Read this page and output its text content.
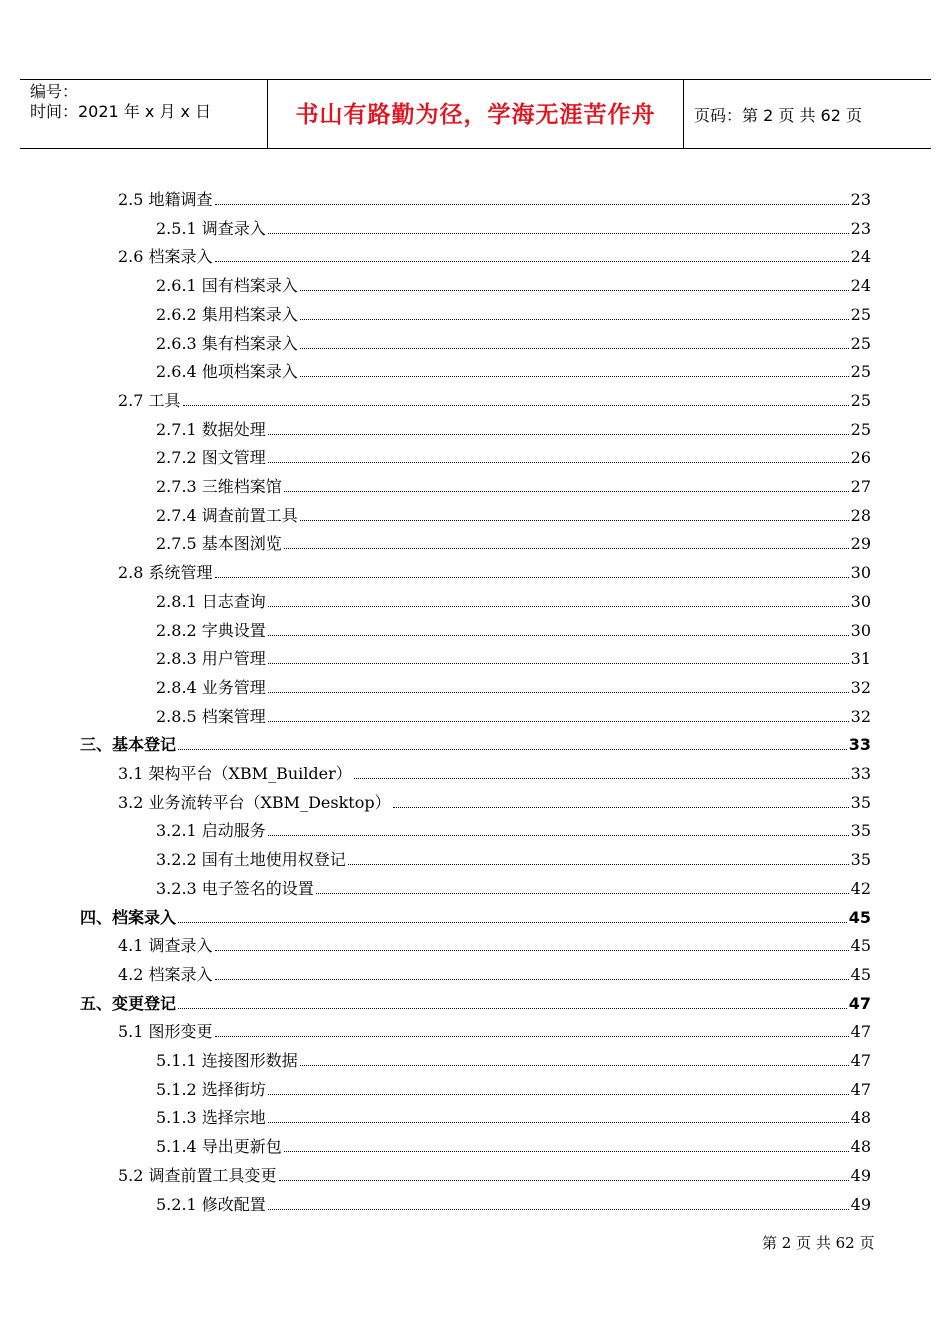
编号：
时间：2021 年 x 月 x 日	书山有路勤为径，学海无涯苦作舟	页码：第 2 页 共 62 页
2.5 地籍调查	23
2.5.1 调查录入	23
2.6 档案录入	24
2.6.1 国有档案录入	24
2.6.2 集用档案录入	25
2.6.3 集有档案录入	25
2.6.4 他项档案录入	25
2.7 工具	25
2.7.1 数据处理	25
2.7.2 图文管理	26
2.7.3 三维档案馆	27
2.7.4 调查前置工具	28
2.7.5 基本图浏览	29
2.8 系统管理	30
2.8.1 日志查询	30
2.8.2 字典设置	30
2.8.3 用户管理	31
2.8.4 业务管理	32
2.8.5 档案管理	32
三、基本登记	33
3.1 架构平台（XBM_Builder）	33
3.2 业务流转平台（XBM_Desktop）	35
3.2.1 启动服务	35
3.2.2 国有土地使用权登记	35
3.2.3 电子签名的设置	42
四、档案录入	45
4.1 调查录入	45
4.2 档案录入	45
五、变更登记	47
5.1 图形变更	47
5.1.1 连接图形数据	47
5.1.2 选择街坊	47
5.1.3 选择宗地	48
5.1.4 导出更新包	48
5.2 调查前置工具变更	49
5.2.1 修改配置	49
第 2 页 共 62 页
